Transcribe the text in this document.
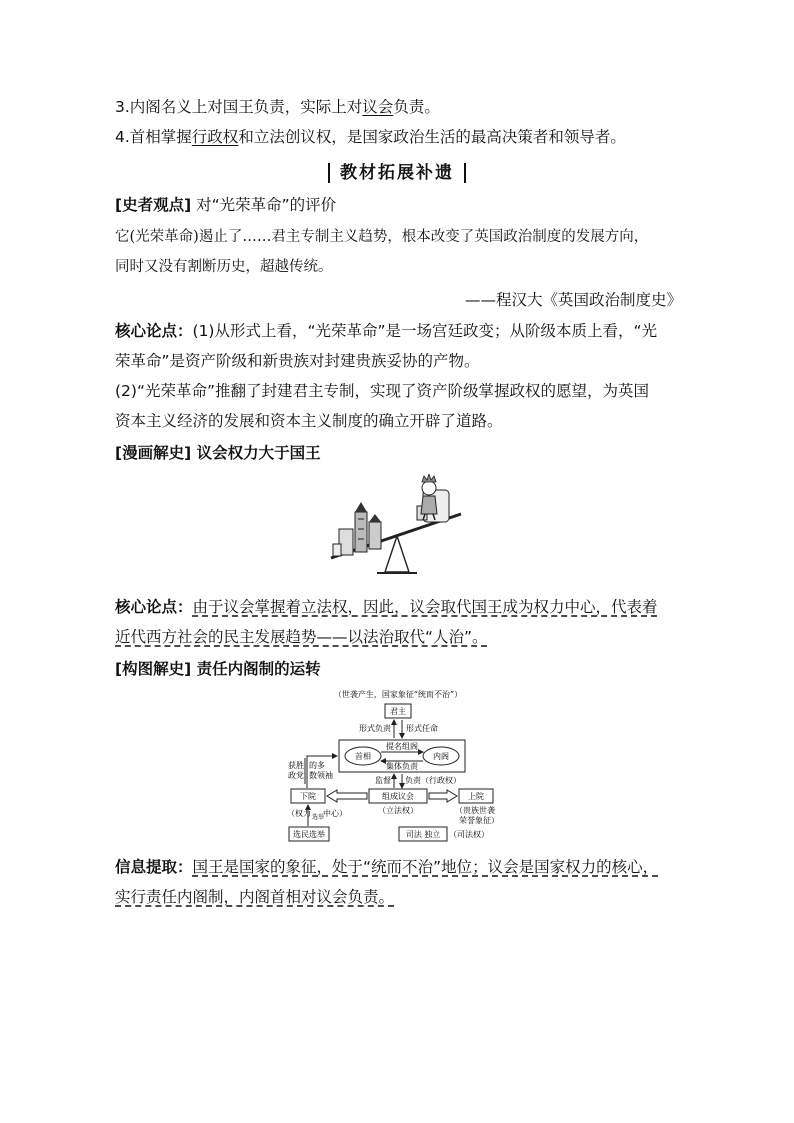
3.内阁名义上对国王负责，实际上对议会负责。
4.首相掌握行政权和立法创议权，是国家政治生活的最高决策者和领导者。
教材拓展补遗
[史者观点] 对“光荣革命”的评价
它(光荣革命)遏止了……君主专制主义趋势，根本改变了英国政治制度的发展方向，
同时又没有割断历史，超越传统。
——程汉大《英国政治制度史》
核心论点：(1)从形式上看，“光荣革命”是一场宫廷政变；从阶级本质上看，“光
荣革命”是资产阶级和新贵族对封建贵族妥协的产物。
(2)“光荣革命”推翻了封建君主专制，实现了资产阶级掌握政权的愿望，为英国
资本主义经济的发展和资本主义制度的确立开辟了道路。
[漫画解史] 议会权力大于国王
核心论点：由于议会掌握着立法权，因此，议会取代国王成为权力中心，代表着
近代西方社会的民主发展趋势——以法治取代“人治”。
[构图解史] 责任内阁制的运转
（世袭产生，国家象征“统而不治”）
君主
形式负责 形式任命
首相	内阁
提名组阁
集体负责
监督 负责 （行政权）
获胜
政党
的多
数领袖
下院	组成议会	上院
（立法权）	（贵族世袭
荣誉象征）
（权力 中心）
选举
选民选举	司法 独立 （司法权）
信息提取：国王是国家的象征，处于“统而不治”地位；议会是国家权力的核心，
实行责任内阁制，内阁首相对议会负责。
